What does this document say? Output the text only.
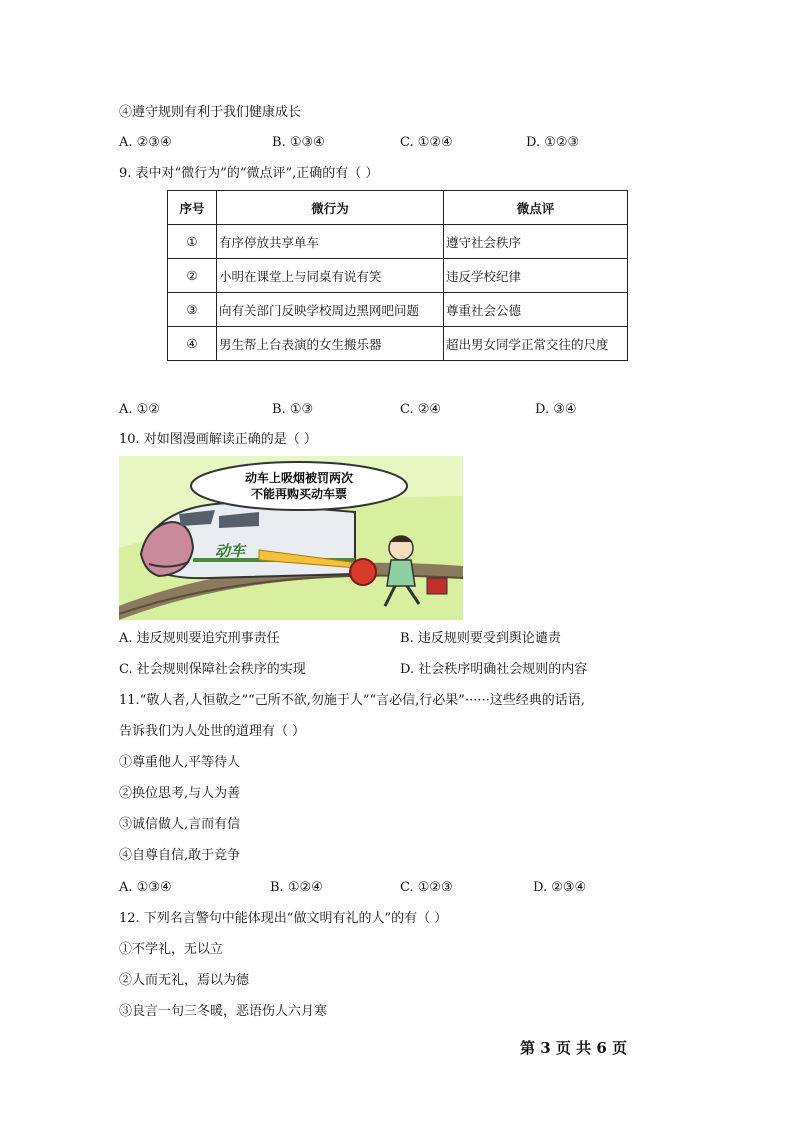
④遵守规则有利于我们健康成长
A. ②③④	B. ①③④	C. ①②④	D. ①②③
9. 表中对“微行为”的“微点评”,正确的有（ ）
序号	微行为	微点评
①	有序停放共享单车	遵守社会秩序
②	小明在课堂上与同桌有说有笑	违反学校纪律
③	向有关部门反映学校周边黑网吧问题	尊重社会公德
④	男生帮上台表演的女生搬乐器	超出男女同学正常交往的尺度
A. ①②	B. ①③	C. ②④	D. ③④
10. 对如图漫画解读正确的是（ ）
动车上吸烟被罚两次
不能再购买动车票
动车
A. 违反规则要追究刑事责任	B. 违反规则要受到舆论谴责
C. 社会规则保障社会秩序的实现	D. 社会秩序明确社会规则的内容
11.“敬人者,人恒敬之”“己所不欲,勿施于人”“言必信,行必果”······这些经典的话语,
告诉我们为人处世的道理有（ ）
①尊重他人,平等待人
②换位思考,与人为善
③诚信做人,言而有信
④自尊自信,敢于竞争
A. ①③④	B. ①②④	C. ①②③	D. ②③④
12. 下列名言警句中能体现出“做文明有礼的人”的有（ ）
①不学礼，无以立
②人而无礼，焉以为德
③良言一句三冬暖，恶语伤人六月寒
第 3 页 共 6 页
